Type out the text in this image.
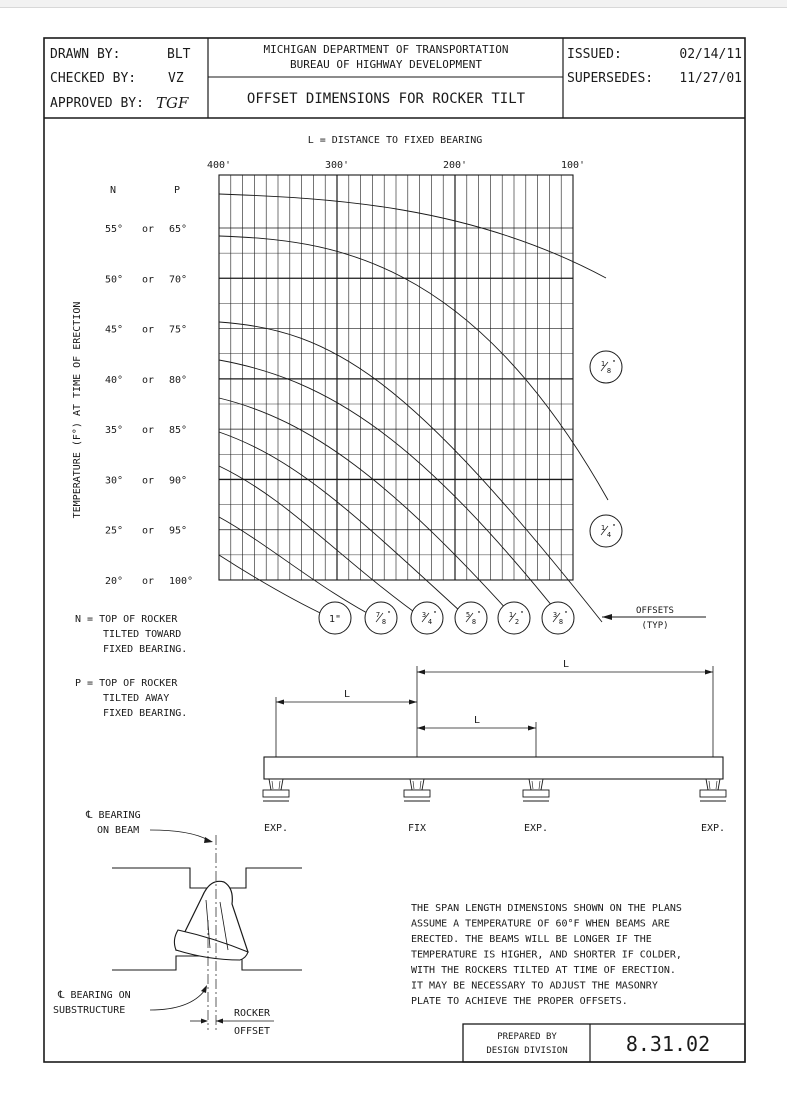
DRAWN BY:	BLT
CHECKED BY: VZ
APPROVED BY: TGF
MICHIGAN DEPARTMENT OF TRANSPORTATION
BUREAU OF HIGHWAY DEVELOPMENT
OFFSET DIMENSIONS FOR ROCKER TILT
ISSUED:	02/14/11
SUPERSEDES: 11/27/01
L = DISTANCE TO FIXED BEARING
400'	300'	200'	100'
N	P
55° or 65°
50° or 70°
45° or 75°
40° or 80°
35° or 85°
30° or 90°
25° or 95°
20° or 100°
TEMPERATURE (F°) AT TIME OF ERECTION
1"	7
8
"	3
4
"	5
8
"	1
2
"	3
8
"
1
8
"
1
4
"
OFFSETS
(TYP)
N = TOP OF ROCKER
TILTED TOWARD
FIXED BEARING.
P = TOP OF ROCKER
TILTED AWAY
FIXED BEARING.
L
L
L
EXP.	FIX	EXP.	EXP.
℄ BEARING
ON BEAM
℄ BEARING ON
SUBSTRUCTURE	ROCKER
OFFSET
THE SPAN LENGTH DIMENSIONS SHOWN ON THE PLANS
ASSUME A TEMPERATURE OF 60°F WHEN BEAMS ARE
ERECTED. THE BEAMS WILL BE LONGER IF THE
TEMPERATURE IS HIGHER, AND SHORTER IF COLDER,
WITH THE ROCKERS TILTED AT TIME OF ERECTION.
IT MAY BE NECESSARY TO ADJUST THE MASONRY
PLATE TO ACHIEVE THE PROPER OFFSETS.
PREPARED BY
DESIGN DIVISION	8.31.02
